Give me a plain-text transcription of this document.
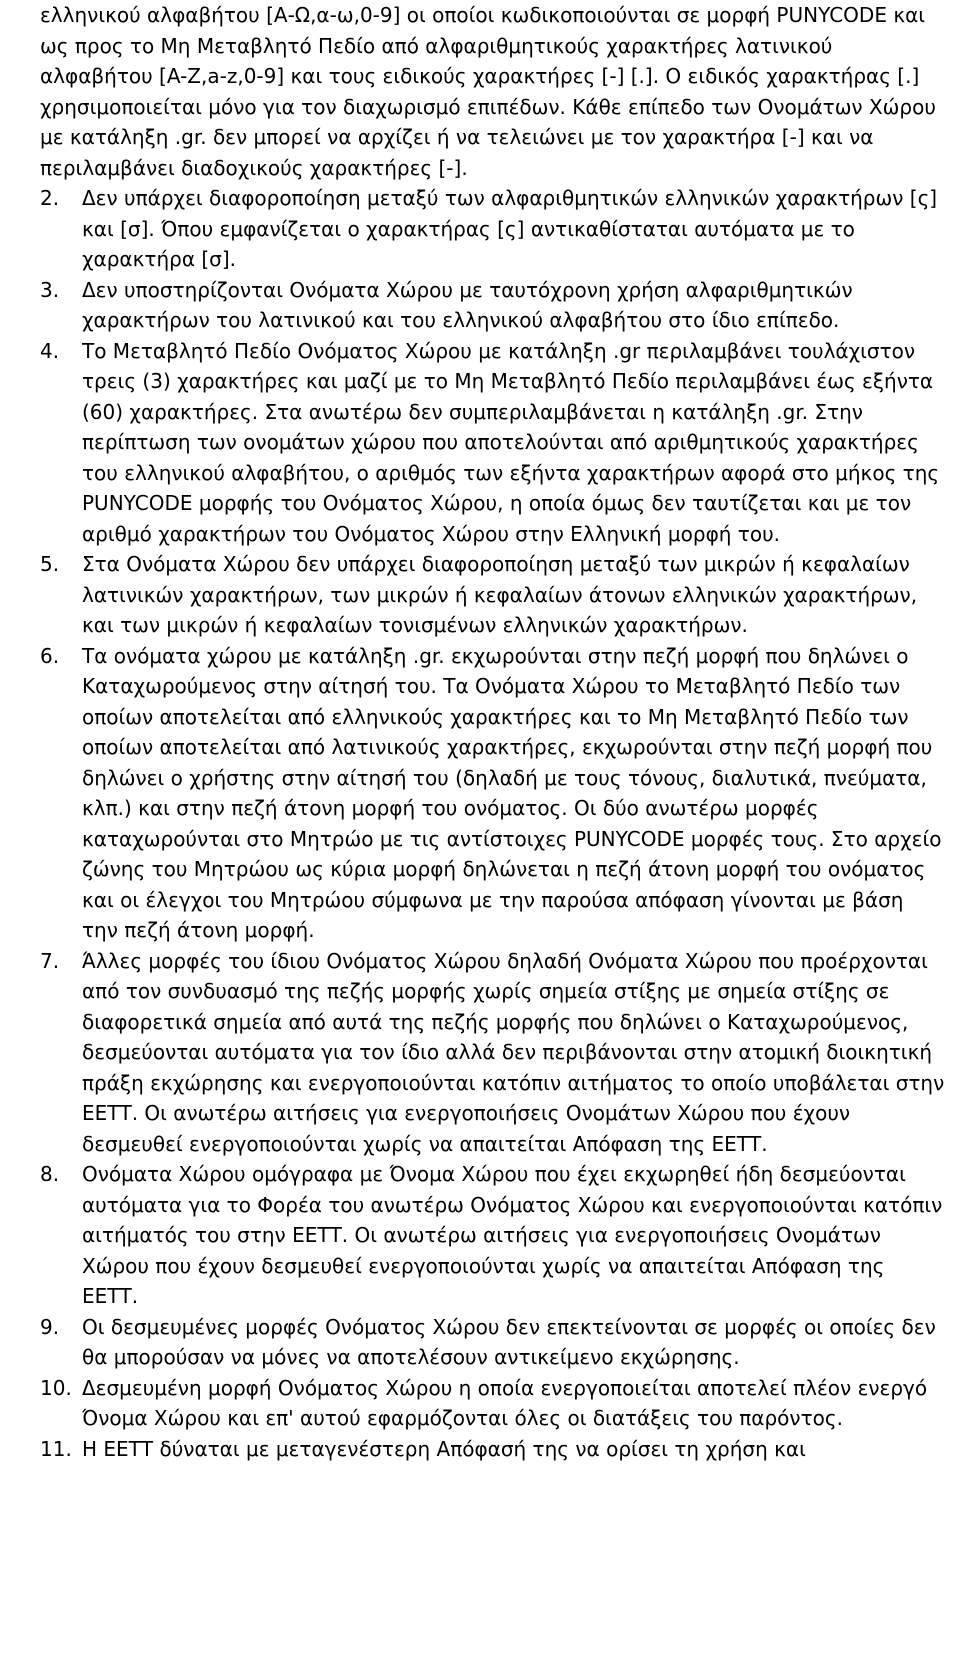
ελληνικού αλφαβήτου [Α-Ω,α-ω,0-9] οι οποίοι κωδικοποιούνται σε μορφή PUNYCODE και ως προς το Μη Μεταβλητό Πεδίο από αλφαριθμητικούς χαρακτήρες λατινικού αλφαβήτου [A-Z,a-z,0-9] και τους ειδικούς χαρακτήρες [-] [.]. Ο ειδικός χαρακτήρας [.] χρησιμοποιείται μόνο για τον διαχωρισμό επιπέδων. Κάθε επίπεδο των Ονομάτων Χώρου με κατάληξη .gr. δεν μπορεί να αρχίζει ή να τελειώνει με τον χαρακτήρα [-] και να περιλαμβάνει διαδοχικούς χαρακτήρες [-].

2. Δεν υπάρχει διαφοροποίηση μεταξύ των αλφαριθμητικών ελληνικών χαρακτήρων [ς] και [σ]. Όπου εμφανίζεται ο χαρακτήρας [ς] αντικαθίσταται αυτόματα με το χαρακτήρα [σ].
3. Δεν υποστηρίζονται Ονόματα Χώρου με ταυτόχρονη χρήση αλφαριθμητικών χαρακτήρων του λατινικού και του ελληνικού αλφαβήτου στο ίδιο επίπεδο.
4. Το Μεταβλητό Πεδίο Ονόματος Χώρου με κατάληξη .gr περιλαμβάνει τουλάχιστον τρεις (3) χαρακτήρες και μαζί με το Μη Μεταβλητό Πεδίο περιλαμβάνει έως εξήντα (60) χαρακτήρες. Στα ανωτέρω δεν συμπεριλαμβάνεται η κατάληξη .gr. Στην περίπτωση των ονομάτων χώρου που αποτελούνται από αριθμητικούς χαρακτήρες του ελληνικού αλφαβήτου, ο αριθμός των εξήντα χαρακτήρων αφορά στο μήκος της PUNYCODE μορφής του Ονόματος Χώρου, η οποία όμως δεν ταυτίζεται και με τον αριθμό χαρακτήρων του Ονόματος Χώρου στην Ελληνική μορφή του.
5. Στα Ονόματα Χώρου δεν υπάρχει διαφοροποίηση μεταξύ των μικρών ή κεφαλαίων λατινικών χαρακτήρων, των μικρών ή κεφαλαίων άτονων ελληνικών χαρακτήρων, και των μικρών ή κεφαλαίων τονισμένων ελληνικών χαρακτήρων.
6. Τα ονόματα χώρου με κατάληξη .gr. εκχωρούνται στην πεζή μορφή που δηλώνει ο Καταχωρούμενος στην αίτησή του. Τα Ονόματα Χώρου το Μεταβλητό Πεδίο των οποίων αποτελείται από ελληνικούς χαρακτήρες και το Μη Μεταβλητό Πεδίο των οποίων αποτελείται από λατινικούς χαρακτήρες, εκχωρούνται στην πεζή μορφή που δηλώνει ο χρήστης στην αίτησή του (δηλαδή με τους τόνους, διαλυτικά, πνεύματα, κλπ.) και στην πεζή άτονη μορφή του ονόματος. Οι δύο ανωτέρω μορφές καταχωρούνται στο Μητρώο με τις αντίστοιχες PUNYCODE μορφές τους. Στο αρχείο ζώνης του Μητρώου ως κύρια μορφή δηλώνεται η πεζή άτονη μορφή του ονόματος και οι έλεγχοι του Μητρώου σύμφωνα με την παρούσα απόφαση γίνονται με βάση την πεζή άτονη μορφή.
7. Άλλες μορφές του ίδιου Ονόματος Χώρου δηλαδή Ονόματα Χώρου που προέρχονται από τον συνδυασμό της πεζής μορφής χωρίς σημεία στίξης με σημεία στίξης σε διαφορετικά σημεία από αυτά της πεζής μορφής που δηλώνει ο Καταχωρούμενος, δεσμεύονται αυτόματα για τον ίδιο αλλά δεν περιβάνονται στην ατομική διοικητική πράξη εκχώρησης και ενεργοποιούνται κατόπιν αιτήματος το οποίο υποβάλεται στην ΕΕΤΤ. Οι ανωτέρω αιτήσεις για ενεργοποιήσεις Ονομάτων Χώρου που έχουν δεσμευθεί ενεργοποιούνται χωρίς να απαιτείται Απόφαση της ΕΕΤΤ.
8. Ονόματα Χώρου ομόγραφα με Όνομα Χώρου που έχει εκχωρηθεί ήδη δεσμεύονται αυτόματα για το Φορέα του ανωτέρω Ονόματος Χώρου και ενεργοποιούνται κατόπιν αιτήματός του στην ΕΕΤΤ. Οι ανωτέρω αιτήσεις για ενεργοποιήσεις Ονομάτων Χώρου που έχουν δεσμευθεί ενεργοποιούνται χωρίς να απαιτείται Απόφαση της ΕΕΤΤ.
9. Οι δεσμευμένες μορφές Ονόματος Χώρου δεν επεκτείνονται σε μορφές οι οποίες δεν θα μπορούσαν να μόνες να αποτελέσουν αντικείμενο εκχώρησης.
10. Δεσμευμένη μορφή Ονόματος Χώρου η οποία ενεργοποιείται αποτελεί πλέον ενεργό Όνομα Χώρου και επ' αυτού εφαρμόζονται όλες οι διατάξεις του παρόντος.
11. Η ΕΕΤΤ δύναται με μεταγενέστερη Απόφασή της να ορίσει τη χρήση και
